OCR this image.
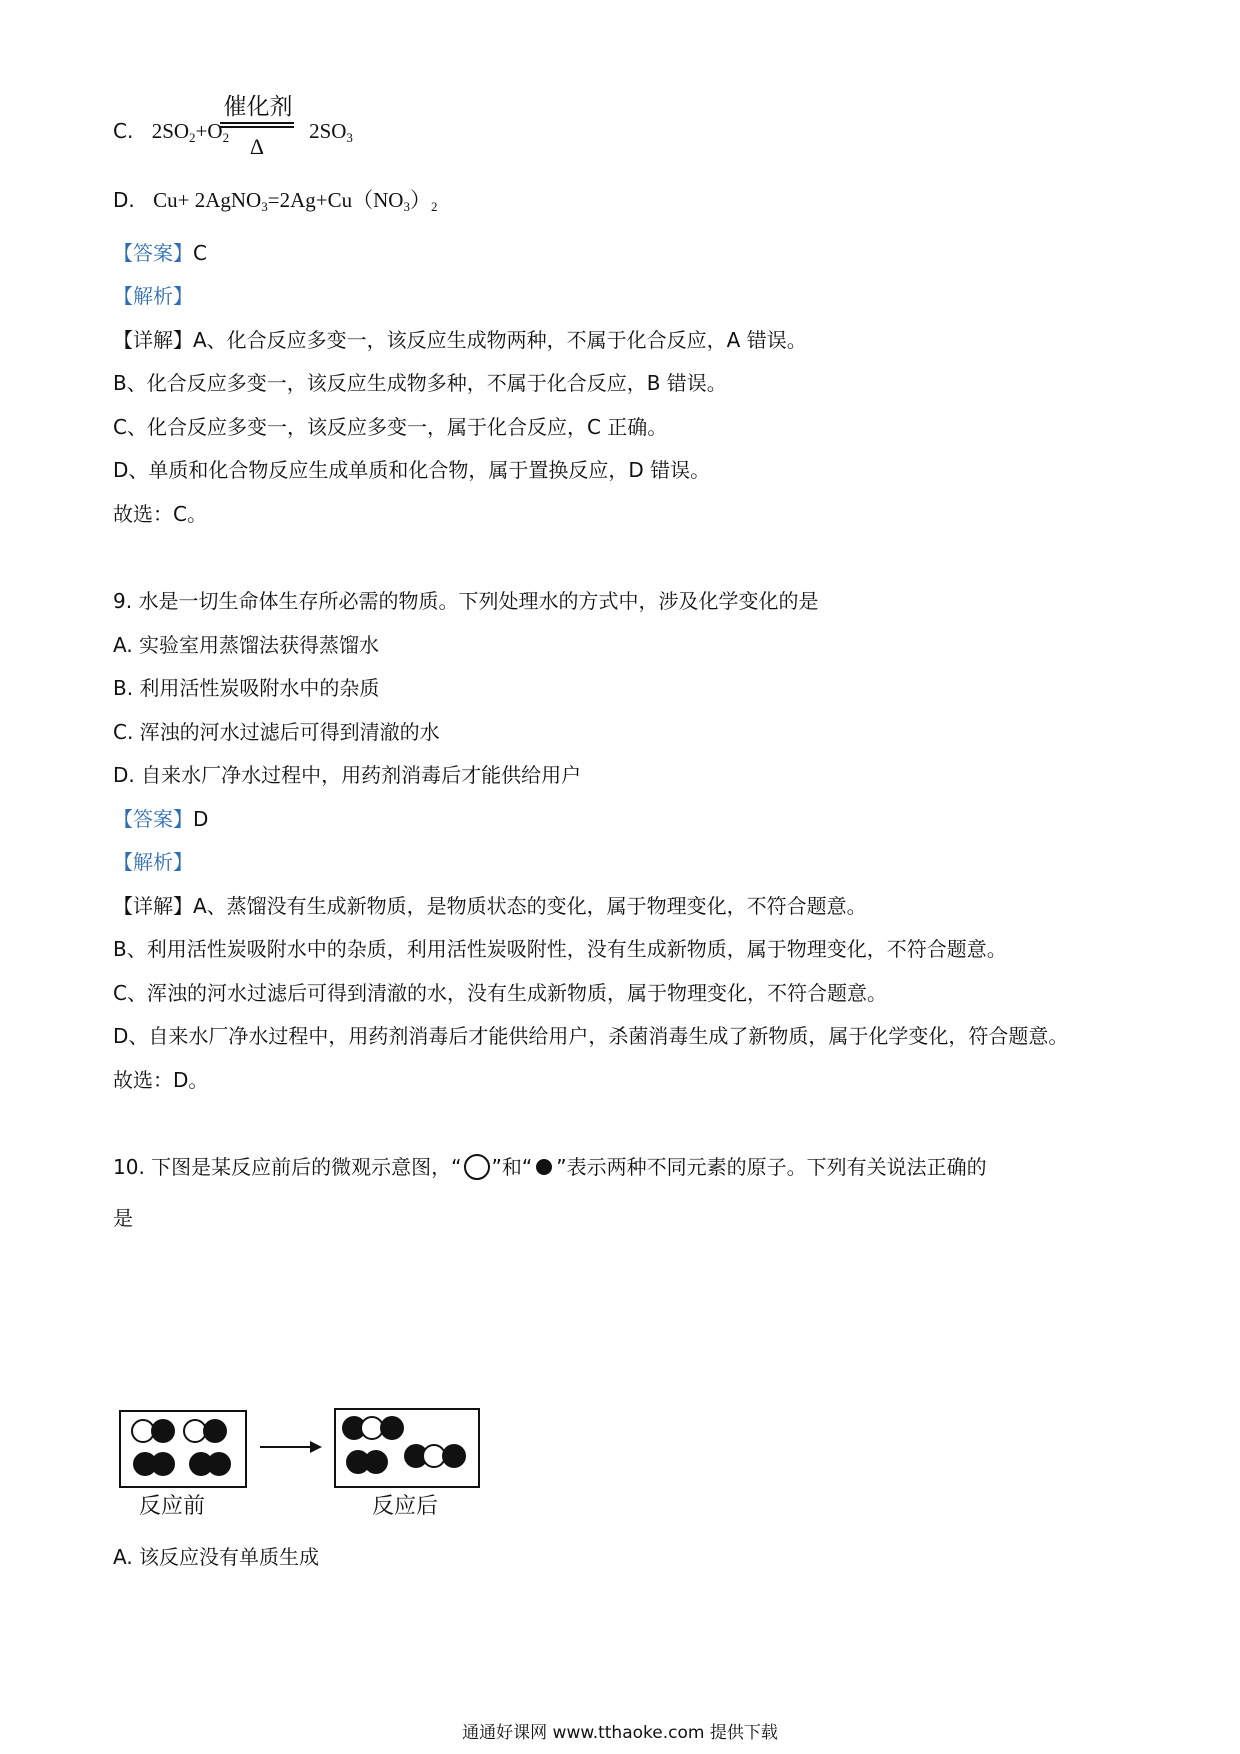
C. $2SO_2+O_2$	$2SO_3$
催化剂
Δ
D. $Cu+ 2AgNO_3=2Ag+Cu(NO_3)_2$
【答案】C
【解析】
【详解】A、化合反应多变一，该反应生成物两种，不属于化合反应，A 错误。
B、化合反应多变一，该反应生成物多种，不属于化合反应，B 错误。
C、化合反应多变一，该反应多变一，属于化合反应，C 正确。
D、单质和化合物反应生成单质和化合物，属于置换反应，D 错误。
故选：C。
9. 水是一切生命体生存所必需的物质。下列处理水的方式中，涉及化学变化的是
A. 实验室用蒸馏法获得蒸馏水
B. 利用活性炭吸附水中的杂质
C. 浑浊的河水过滤后可得到清澈的水
D. 自来水厂净水过程中，用药剂消毒后才能供给用户
【答案】D
【解析】
【详解】A、蒸馏没有生成新物质，是物质状态的变化，属于物理变化，不符合题意。
B、利用活性炭吸附水中的杂质，利用活性炭吸附性，没有生成新物质，属于物理变化，不符合题意。
C、浑浊的河水过滤后可得到清澈的水，没有生成新物质，属于物理变化，不符合题意。
D、自来水厂净水过程中，用药剂消毒后才能供给用户，杀菌消毒生成了新物质，属于化学变化，符合题意。
故选：D。
10. 下图是某反应前后的微观示意图，“ ”和“ ”表示两种不同元素的原子。下列有关说法正确的
是
反应前	反应后
A. 该反应没有单质生成
通通好课网 www.tthaoke.com 提供下载
